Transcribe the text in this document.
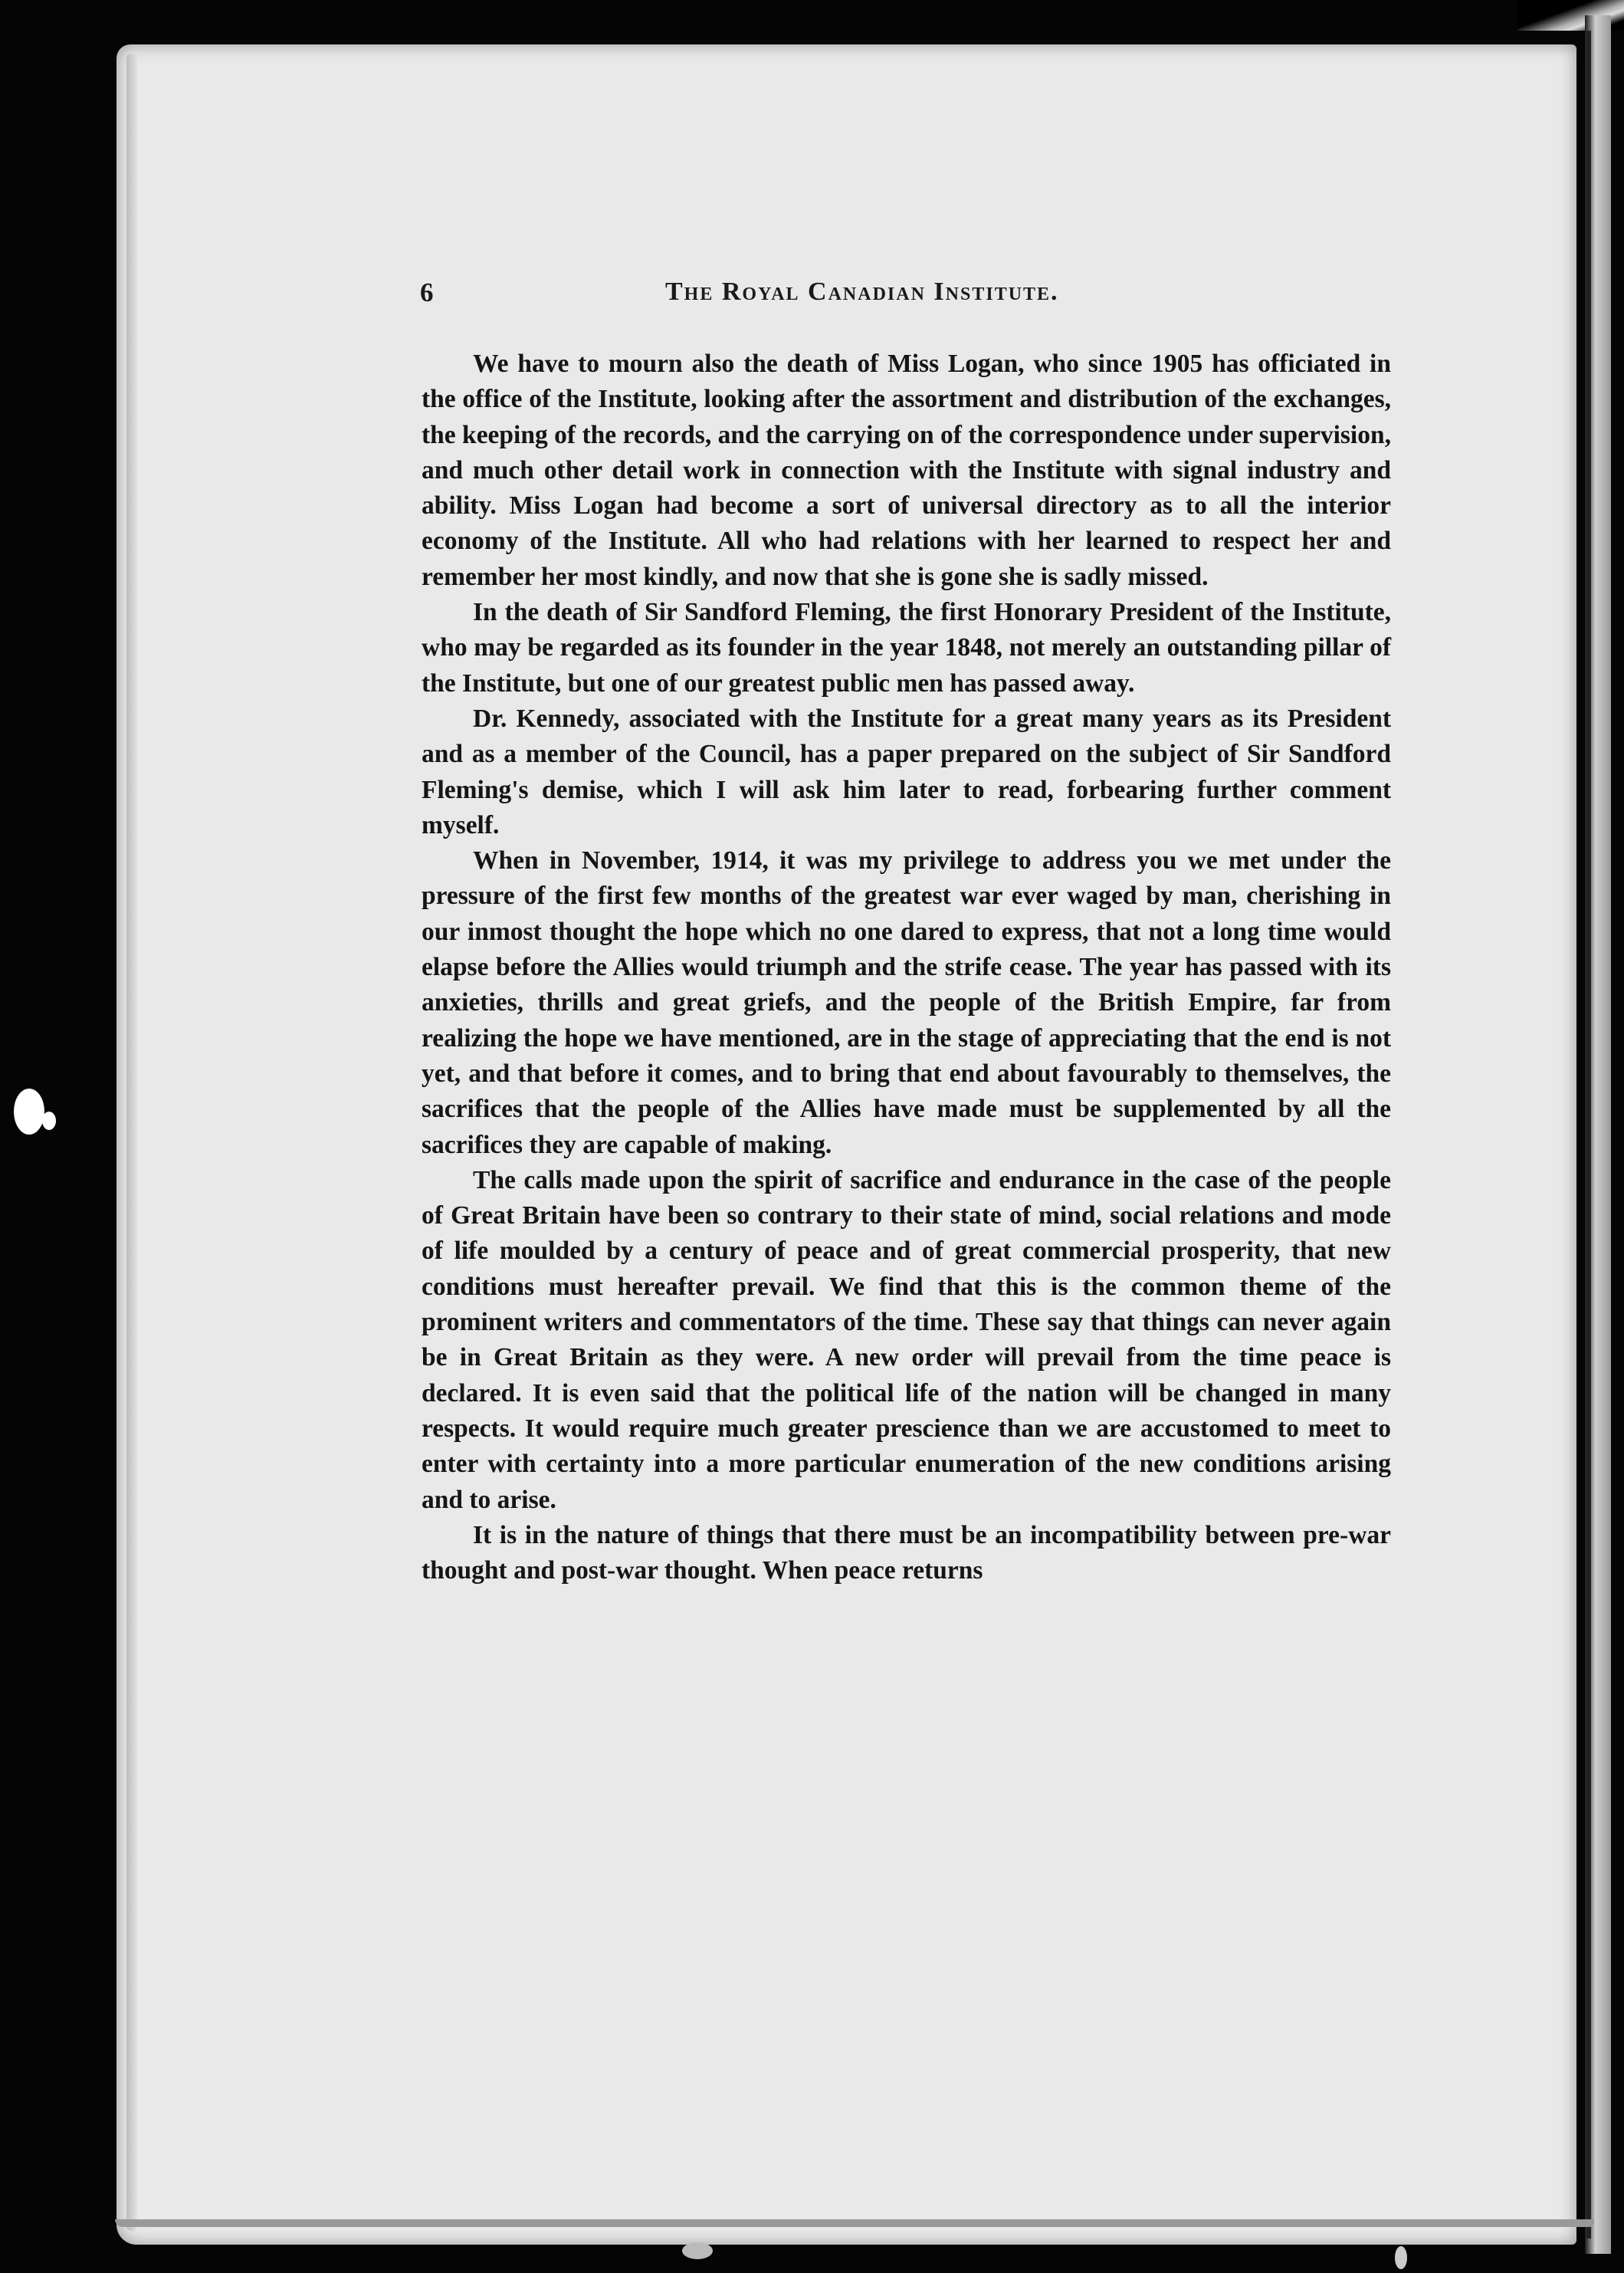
6	The Royal Canadian Institute.

We have to mourn also the death of Miss Logan, who since 1905 has officiated in the office of the Institute, looking after the assortment and distribution of the exchanges, the keeping of the records, and the carrying on of the correspondence under supervision, and much other detail work in connection with the Institute with signal industry and ability. Miss Logan had become a sort of universal directory as to all the interior economy of the Institute. All who had relations with her learned to respect her and remember her most kindly, and now that she is gone she is sadly missed.

In the death of Sir Sandford Fleming, the first Honorary President of the Institute, who may be regarded as its founder in the year 1848, not merely an outstanding pillar of the Institute, but one of our greatest public men has passed away.

Dr. Kennedy, associated with the Institute for a great many years as its President and as a member of the Council, has a paper prepared on the subject of Sir Sandford Fleming's demise, which I will ask him later to read, forbearing further comment myself.

When in November, 1914, it was my privilege to address you we met under the pressure of the first few months of the greatest war ever waged by man, cherishing in our inmost thought the hope which no one dared to express, that not a long time would elapse before the Allies would triumph and the strife cease. The year has passed with its anxieties, thrills and great griefs, and the people of the British Empire, far from realizing the hope we have mentioned, are in the stage of appreciating that the end is not yet, and that before it comes, and to bring that end about favourably to themselves, the sacrifices that the people of the Allies have made must be supplemented by all the sacrifices they are capable of making.

The calls made upon the spirit of sacrifice and endurance in the case of the people of Great Britain have been so contrary to their state of mind, social relations and mode of life moulded by a century of peace and of great commercial prosperity, that new conditions must hereafter prevail. We find that this is the common theme of the prominent writers and commentators of the time. These say that things can never again be in Great Britain as they were. A new order will prevail from the time peace is declared. It is even said that the political life of the nation will be changed in many respects. It would require much greater prescience than we are accustomed to meet to enter with certainty into a more particular enumeration of the new conditions arising and to arise.

It is in the nature of things that there must be an incompatibility between pre-war thought and post-war thought. When peace returns
